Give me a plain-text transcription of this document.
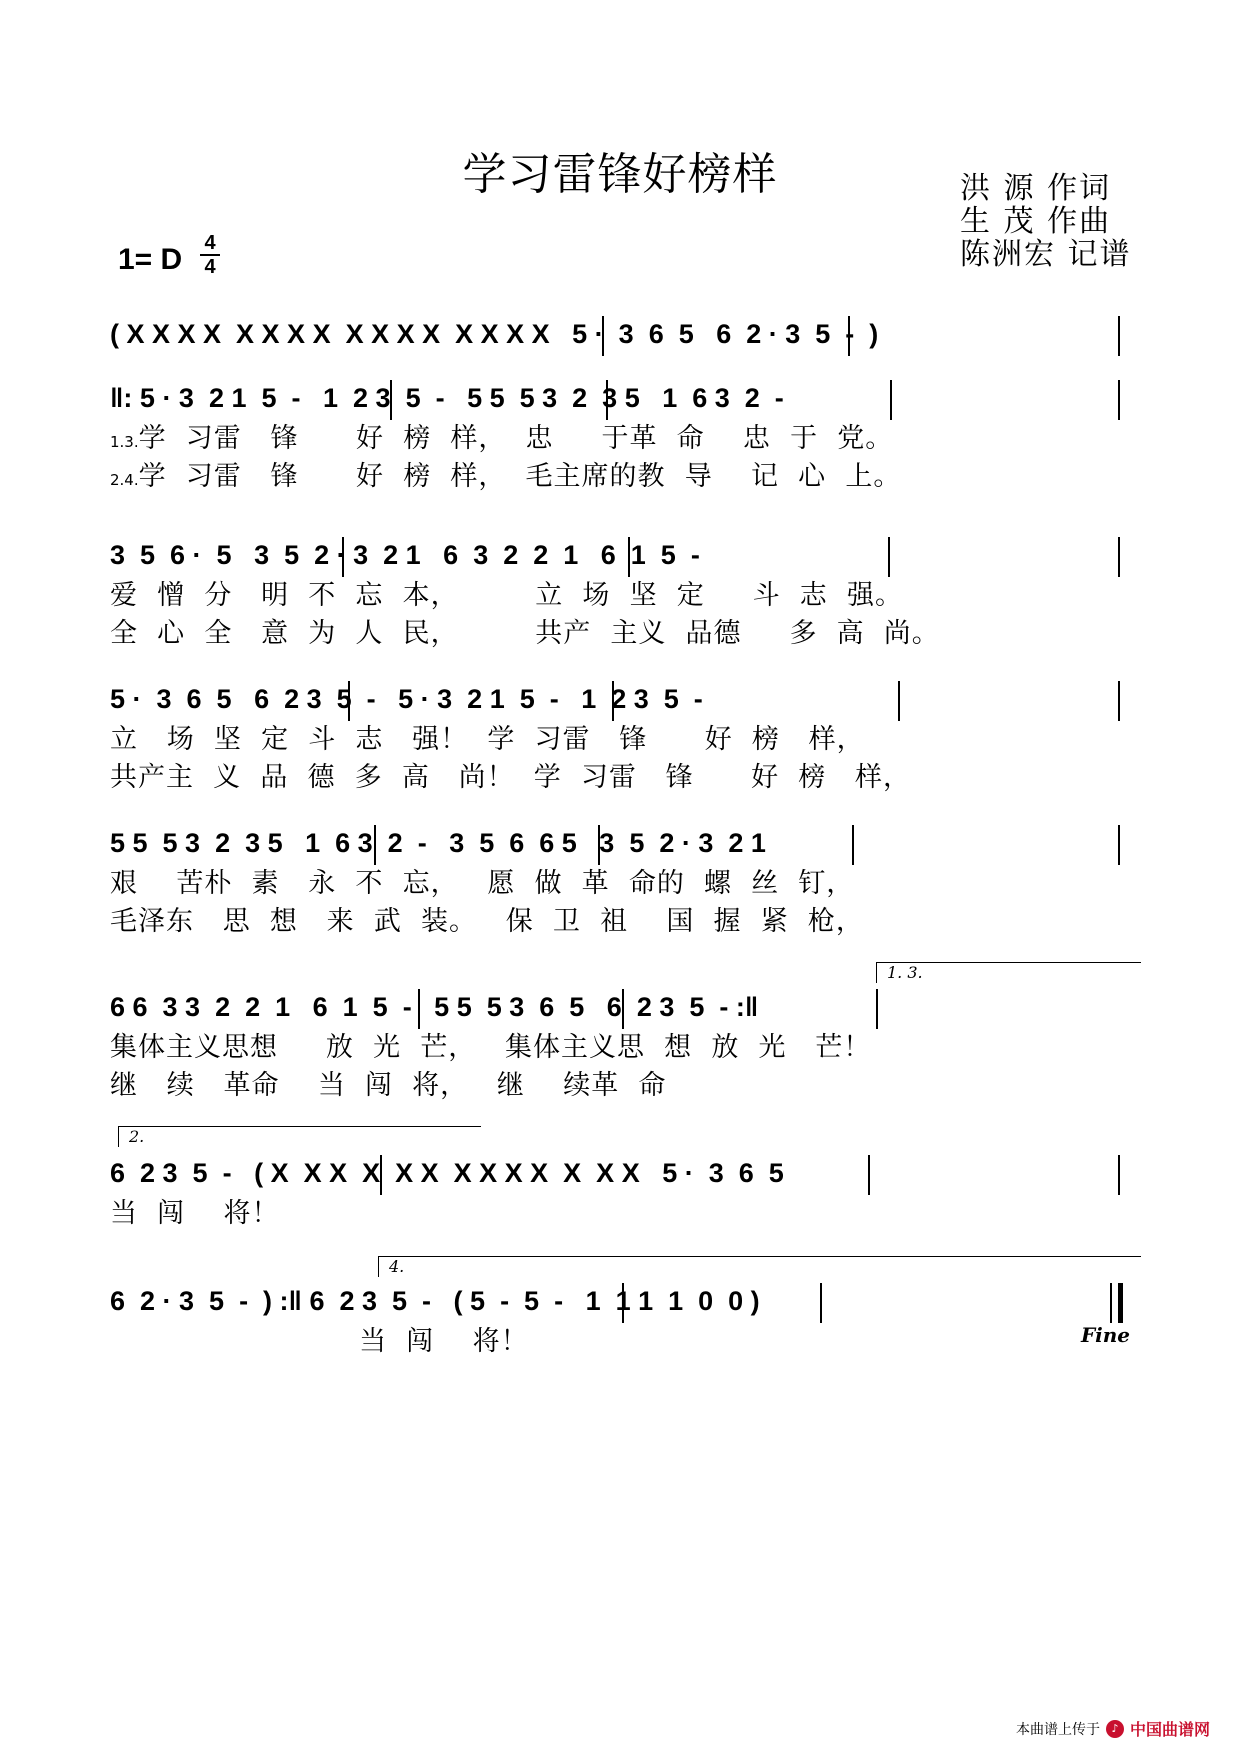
学习雷锋好榜样	洪 源 作词
生 茂 作曲
陈洲宏 记谱
1= D	4
4
( X X X X  X X X X  X X X X  X X X X   5 ·  3  6  5   6  2 · 3  5  -  )
‖: 5 · 3  2 1  5  -   1  2 3  5  -   5 5  5 3  2  3 5   1  6 3  2  -
1.3.学  习雷   锋      好  榜  样，  忠     于革  命    忠  于  党。
2.4.学  习雷   锋      好  榜  样，  毛主席的教  导    记  心  上。
3  5  6 ·  5   3  5  2 · 3  2 1   6  3  2  2  1   6  1  5  -
爱  憎  分   明  不  忘  本，        立  场  坚  定     斗  志  强。
全  心  全   意  为  人  民，        共产  主义  品德     多  高  尚。
5 ·  3  6  5   6  2 3  5  -   5 · 3  2 1  5  -   1  2 3  5  -
立   场  坚  定  斗  志   强！  学  习雷   锋      好  榜   样，
共产主  义  品  德  多  高   尚！  学  习雷   锋      好  榜   样，
5 5  5 3  2  3 5   1  6 3  2  -   3  5  6  6 5   3  5  2 · 3  2 1
艰    苦朴  素   永  不  忘，   愿  做  革  命的  螺  丝  钉，
毛泽东   思  想   来  武  装。   保  卫  祖    国  握  紧  枪，
1. 3.
6 6  3 3  2  2  1   6  1  5  -   5 5  5 3  6  5   6  2 3  5  - :‖
集体主义思想     放  光  芒，   集体主义思  想  放  光   芒！
继   续   革命    当  闯  将，   继    续革  命
2.
6  2 3  5  -   ( X  X X  X  X X  X X X X  X  X X   5 ·  3  6  5
当  闯    将！
4.
6  2 · 3  5  -  ) :‖ 6  2 3  5  -   ( 5  -  5  -   1  1 1  1  0  0 )
当  闯    将！	Fine
本曲谱上传于	♪ 中国曲谱网
